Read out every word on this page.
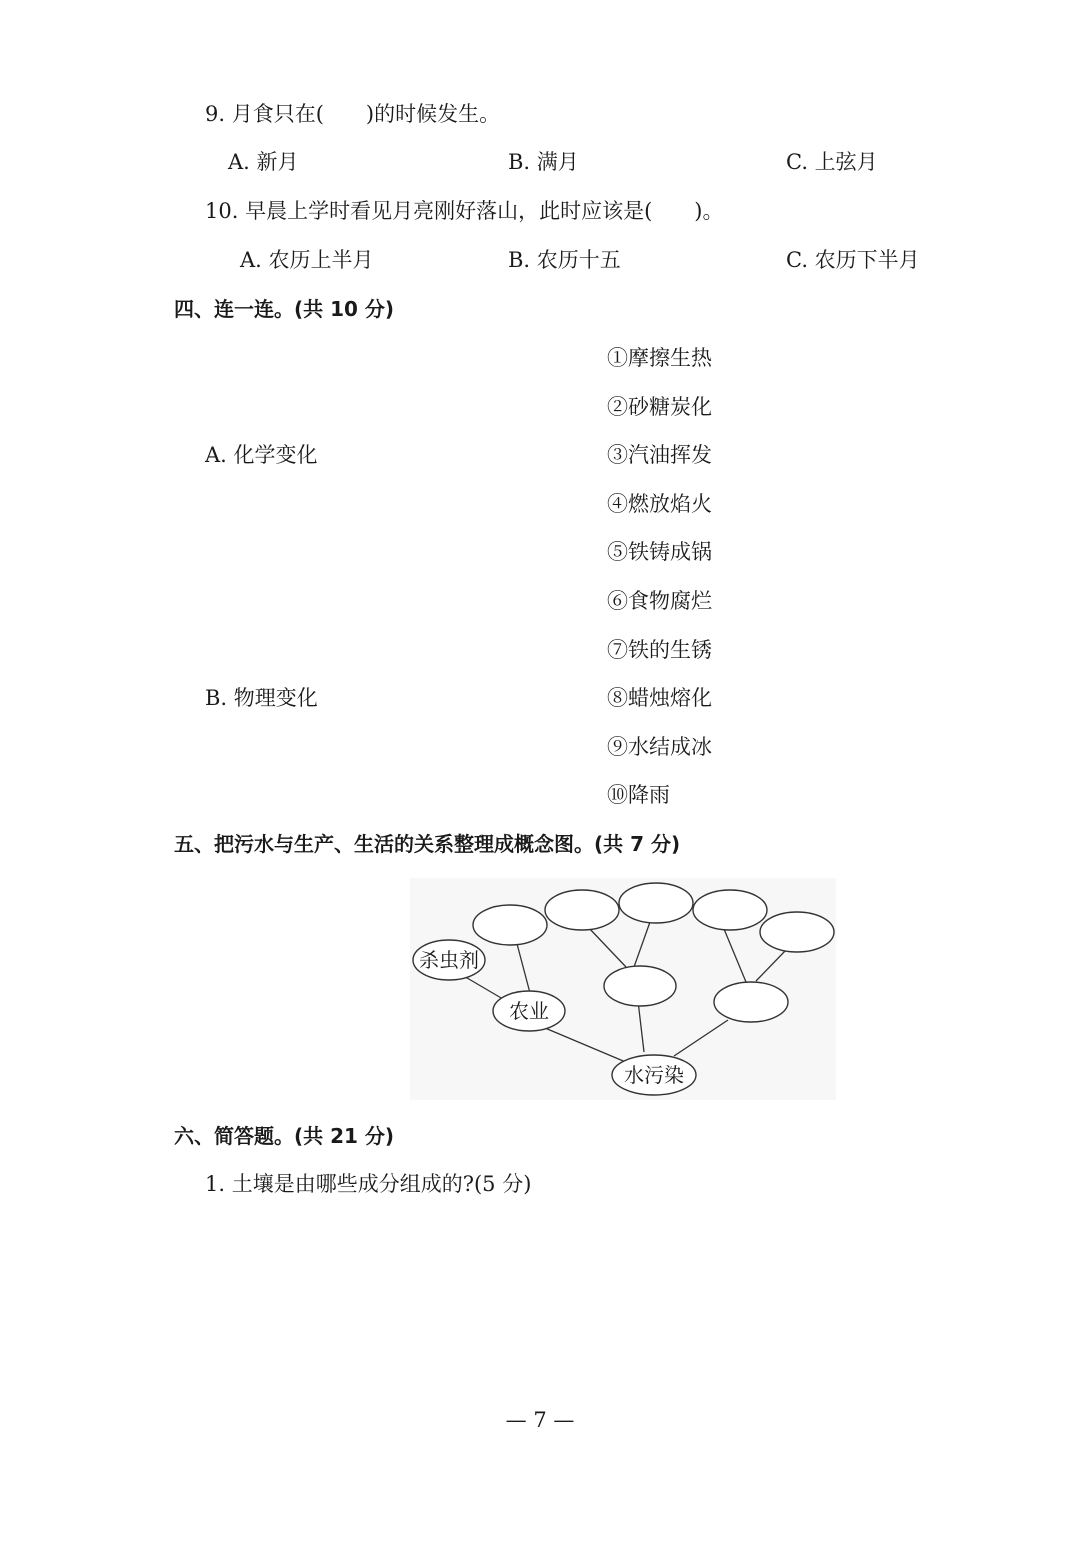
9. 月食只在(　　)的时候发生。
A. 新月	B. 满月	C. 上弦月
10. 早晨上学时看见月亮刚好落山，此时应该是(　　)。
A. 农历上半月	B. 农历十五	C. 农历下半月
四、连一连。(共 10 分)
A. 化学变化
B. 物理变化
①摩擦生热
②砂糖炭化
③汽油挥发
④燃放焰火
⑤铁铸成锅
⑥食物腐烂
⑦铁的生锈
⑧蜡烛熔化
⑨水结成冰
⑩降雨
五、把污水与生产、生活的关系整理成概念图。(共 7 分)
杀虫剂
农业
水污染
六、简答题。(共 21 分)
1. 土壤是由哪些成分组成的?(5 分)
— 7 —
